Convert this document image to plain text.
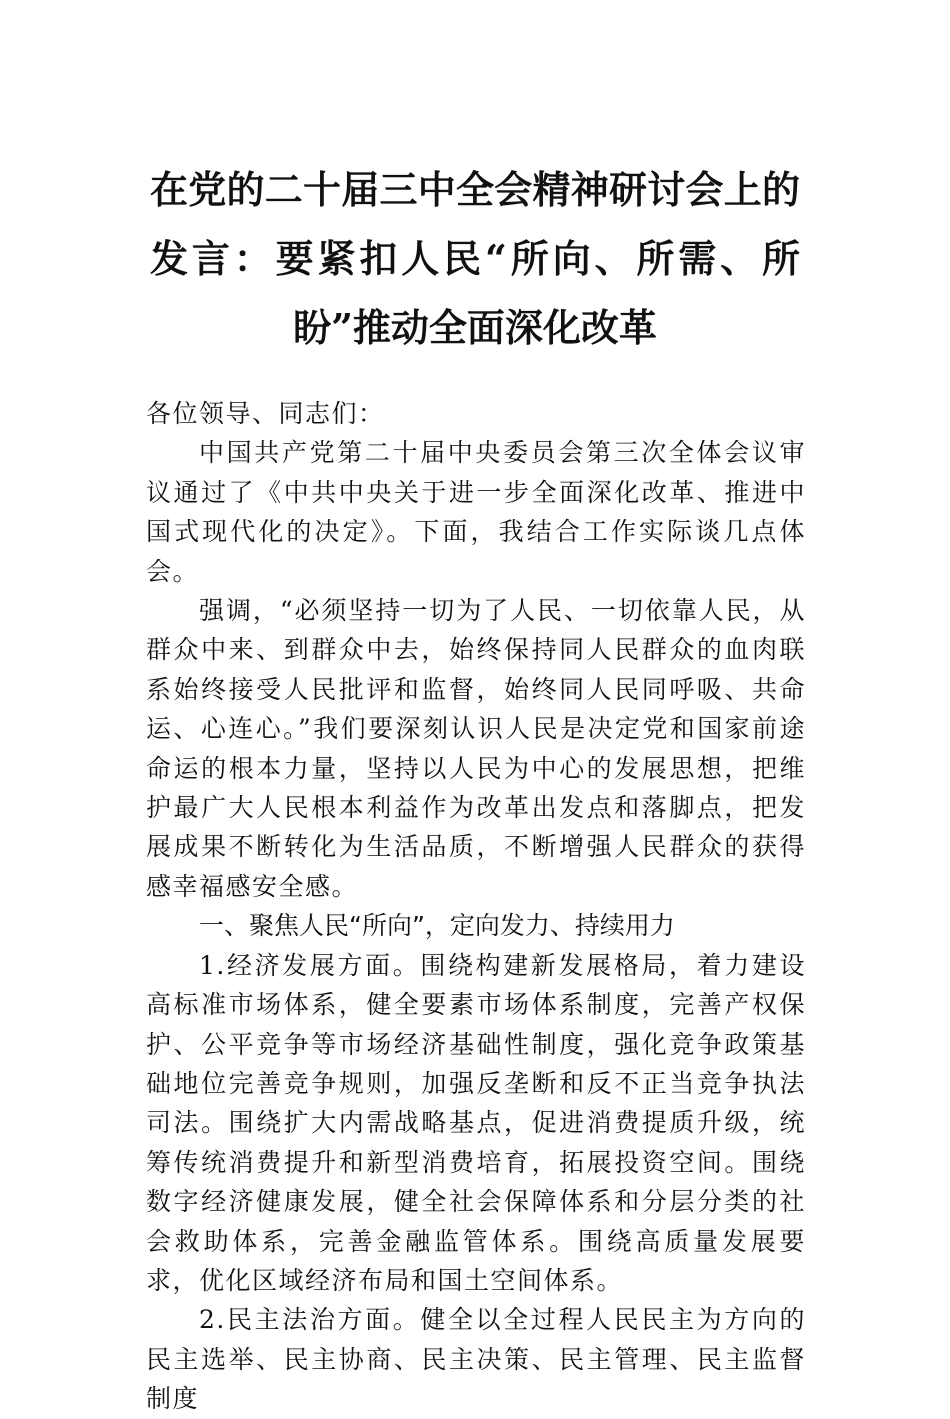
在党的二十届三中全会精神研讨会上的发言：要紧扣人民“所向、所需、所盼”推动全面深化改革

各位领导、同志们：

中国共产党第二十届中央委员会第三次全体会议审议通过了《中共中央关于进一步全面深化改革、推进中国式现代化的决定》。下面，我结合工作实际谈几点体会。

强调，“必须坚持一切为了人民、一切依靠人民，从群众中来、到群众中去，始终保持同人民群众的血肉联系始终接受人民批评和监督，始终同人民同呼吸、共命运、心连心。”我们要深刻认识人民是决定党和国家前途命运的根本力量，坚持以人民为中心的发展思想，把维护最广大人民根本利益作为改革出发点和落脚点，把发展成果不断转化为生活品质，不断增强人民群众的获得感幸福感安全感。

一、聚焦人民“所向”，定向发力、持续用力

1.经济发展方面。围绕构建新发展格局，着力建设高标准市场体系，健全要素市场体系制度，完善产权保护、公平竞争等市场经济基础性制度，强化竞争政策基础地位完善竞争规则，加强反垄断和反不正当竞争执法司法。围绕扩大内需战略基点，促进消费提质升级，统筹传统消费提升和新型消费培育，拓展投资空间。围绕数字经济健康发展，健全社会保障体系和分层分类的社会救助体系，完善金融监管体系。围绕高质量发展要求，优化区域经济布局和国土空间体系。

2.民主法治方面。健全以全过程人民民主为方向的民主选举、民主协商、民主决策、民主管理、民主监督制度
